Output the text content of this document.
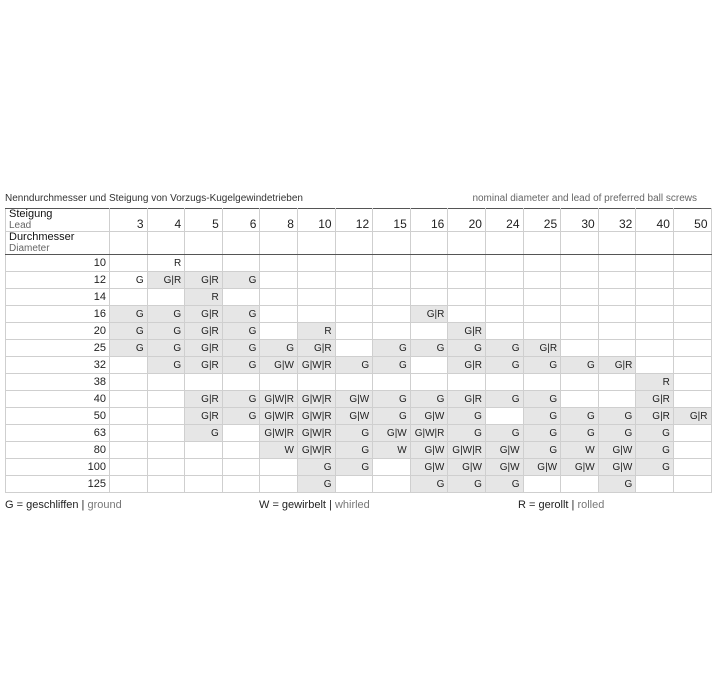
Nenndurchmesser und Steigung von Vorzugs-Kugelgewindetrieben	nominal diameter and lead of preferred ball screws
Steigung
Lead	3	4	5	6	8	10	12	15	16	20	24	25	30	32	40	50
Durchmesser
Diameter																
10		R														
12	G	G|R	G|R	G												
14			R													
16	G	G	G|R	G					G|R							
20	G	G	G|R	G		R				G|R						
25	G	G	G|R	G	G	G|R		G	G	G	G	G|R				
32		G	G|R	G	G|W	G|W|R	G	G		G|R	G	G	G	G|R		
38															R	
40			G|R	G	G|W|R	G|W|R	G|W	G	G	G|R	G	G			G|R	
50			G|R	G	G|W|R	G|W|R	G|W	G	G|W	G		G	G	G	G|R	G|R
63			G		G|W|R	G|W|R	G	G|W	G|W|R	G	G	G	G	G	G	
80					W	G|W|R	G	W	G|W	G|W|R	G|W	G	W	G|W	G	
100						G	G		G|W	G|W	G|W	G|W	G|W	G|W	G	
125						G			G	G	G			G		
G = geschliffen | ground	W = gewirbelt | whirled	R = gerollt | rolled
